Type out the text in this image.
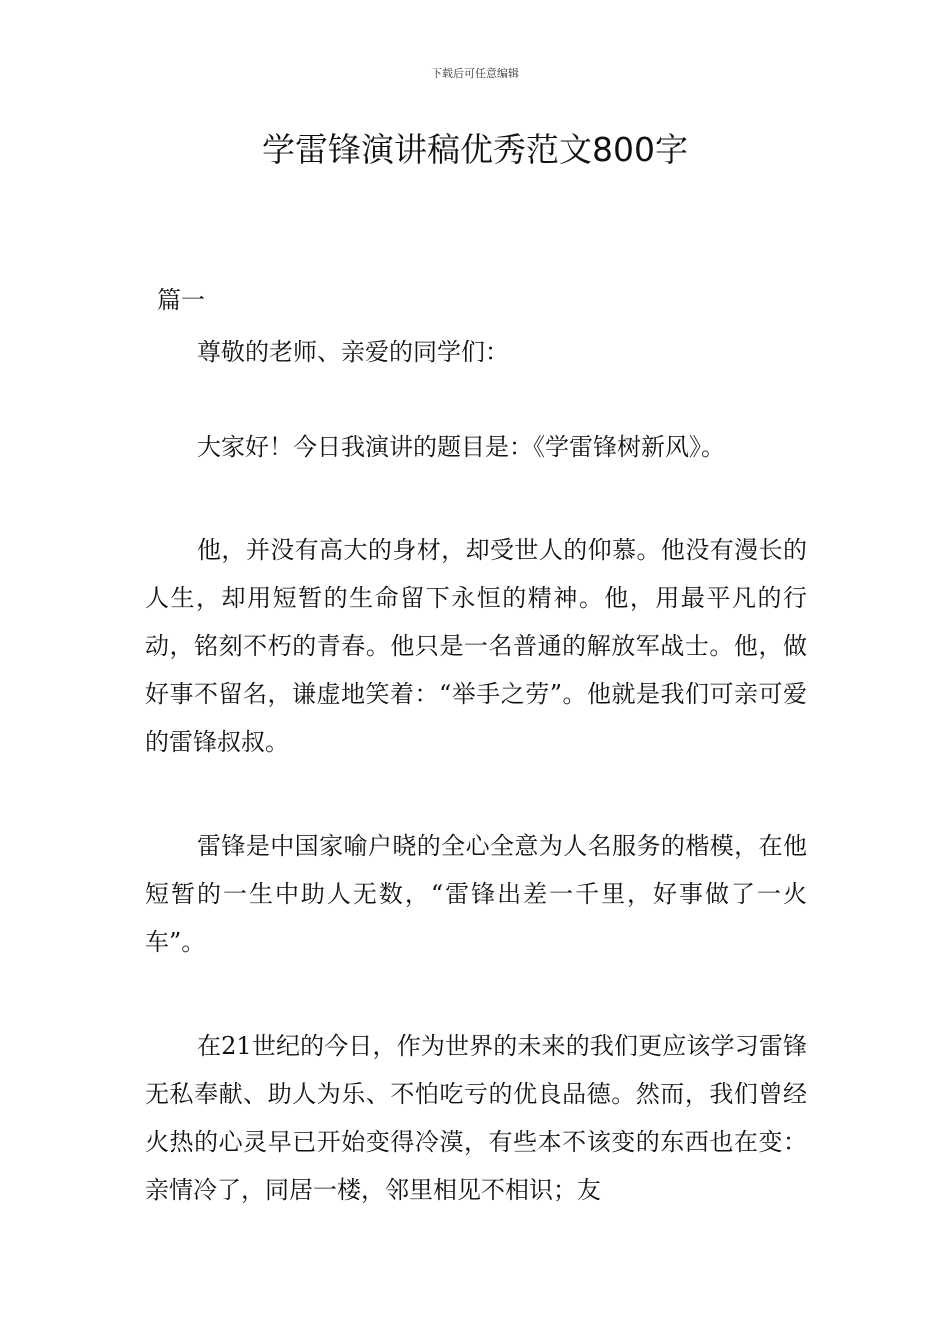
下载后可任意编辑
学雷锋演讲稿优秀范文800字

篇一

尊敬的老师、亲爱的同学们：

大家好！今日我演讲的题目是：《学雷锋树新风》。

他，并没有高大的身材，却受世人的仰慕。他没有漫长的人生，却用短暂的生命留下永恒的精神。他，用最平凡的行动，铭刻不朽的青春。他只是一名普通的解放军战士。他，做好事不留名，谦虚地笑着：“举手之劳”。他就是我们可亲可爱的雷锋叔叔。

雷锋是中国家喻户晓的全心全意为人名服务的楷模，在他短暂的一生中助人无数，“雷锋出差一千里，好事做了一火车”。

在21世纪的今日，作为世界的未来的我们更应该学习雷锋无私奉献、助人为乐、不怕吃亏的优良品德。然而，我们曾经火热的心灵早已开始变得冷漠，有些本不该变的东西也在变：亲情冷了，同居一楼，邻里相见不相识；友
